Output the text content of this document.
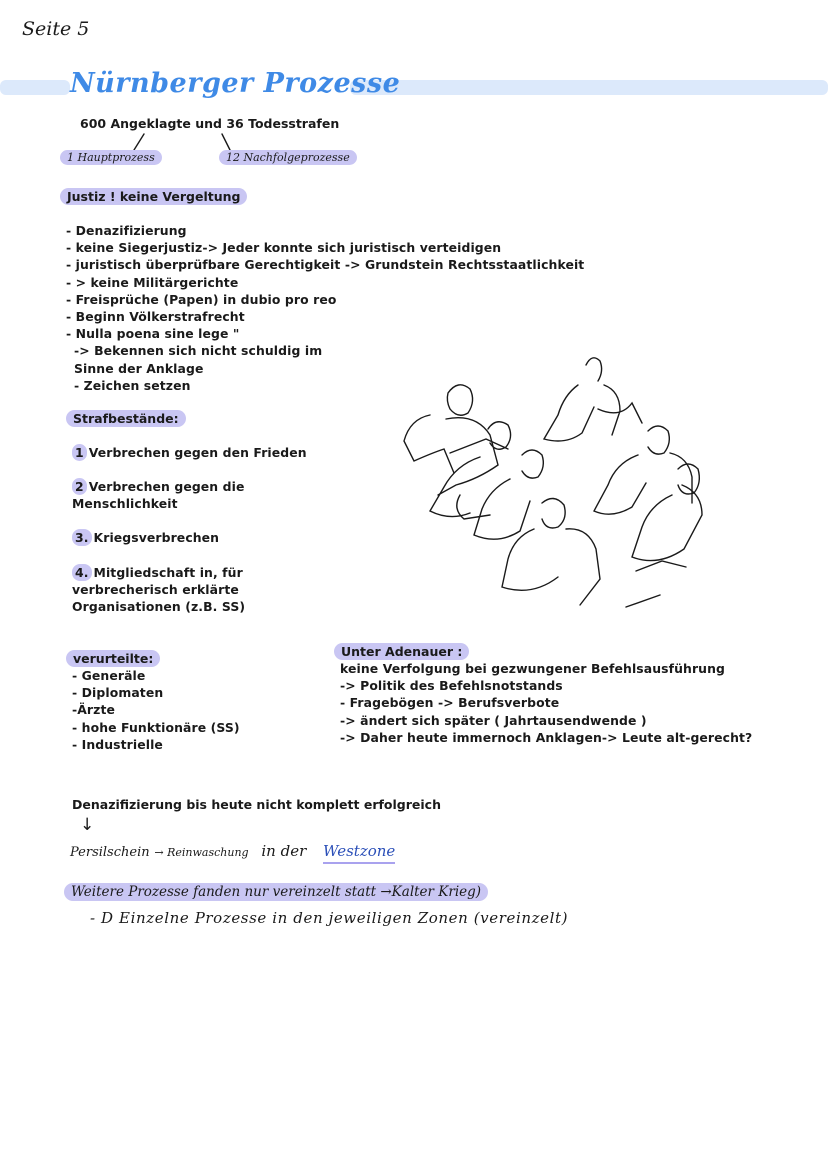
Seite 5
Nürnberger Prozesse
600 Angeklagte und 36 Todesstrafen
1 Hauptprozess	12 Nachfolgeprozesse
Justiz ! keine Vergeltung
- Denazifizierung
- keine Siegerjustiz-> Jeder konnte sich juristisch verteidigen
- juristisch überprüfbare Gerechtigkeit -> Grundstein Rechtsstaatlichkeit
- > keine Militärgerichte
- Freisprüche (Papen) in dubio pro reo
- Beginn Völkerstrafrecht
- Nulla poena sine lege "
-> Bekennen sich nicht schuldig im
Sinne der Anklage
- Zeichen setzen
Strafbestände:
1 Verbrechen gegen den Frieden
2 Verbrechen gegen die
Menschlichkeit
3. Kriegsverbrechen
4. Mitgliedschaft in, für
verbrecherisch erklärte
Organisationen (z.B. SS)
verurteilte:
- Generäle
- Diplomaten
-Ärzte
- hohe Funktionäre (SS)
- Industrielle
Unter Adenauer :
keine Verfolgung bei gezwungener Befehlsausführung
-> Politik des Befehlsnotstands
- Fragebögen -> Berufsverbote
-> ändert sich später ( Jahrtausendwende )
-> Daher heute immernoch Anklagen-> Leute alt-gerecht?
Denazifizierung bis heute nicht komplett erfolgreich
↓
Persilschein → Reinwaschung in der Westzone
Weitere Prozesse fanden nur vereinzelt statt →Kalter Krieg)
- D Einzelne Prozesse in den jeweiligen Zonen (vereinzelt)
